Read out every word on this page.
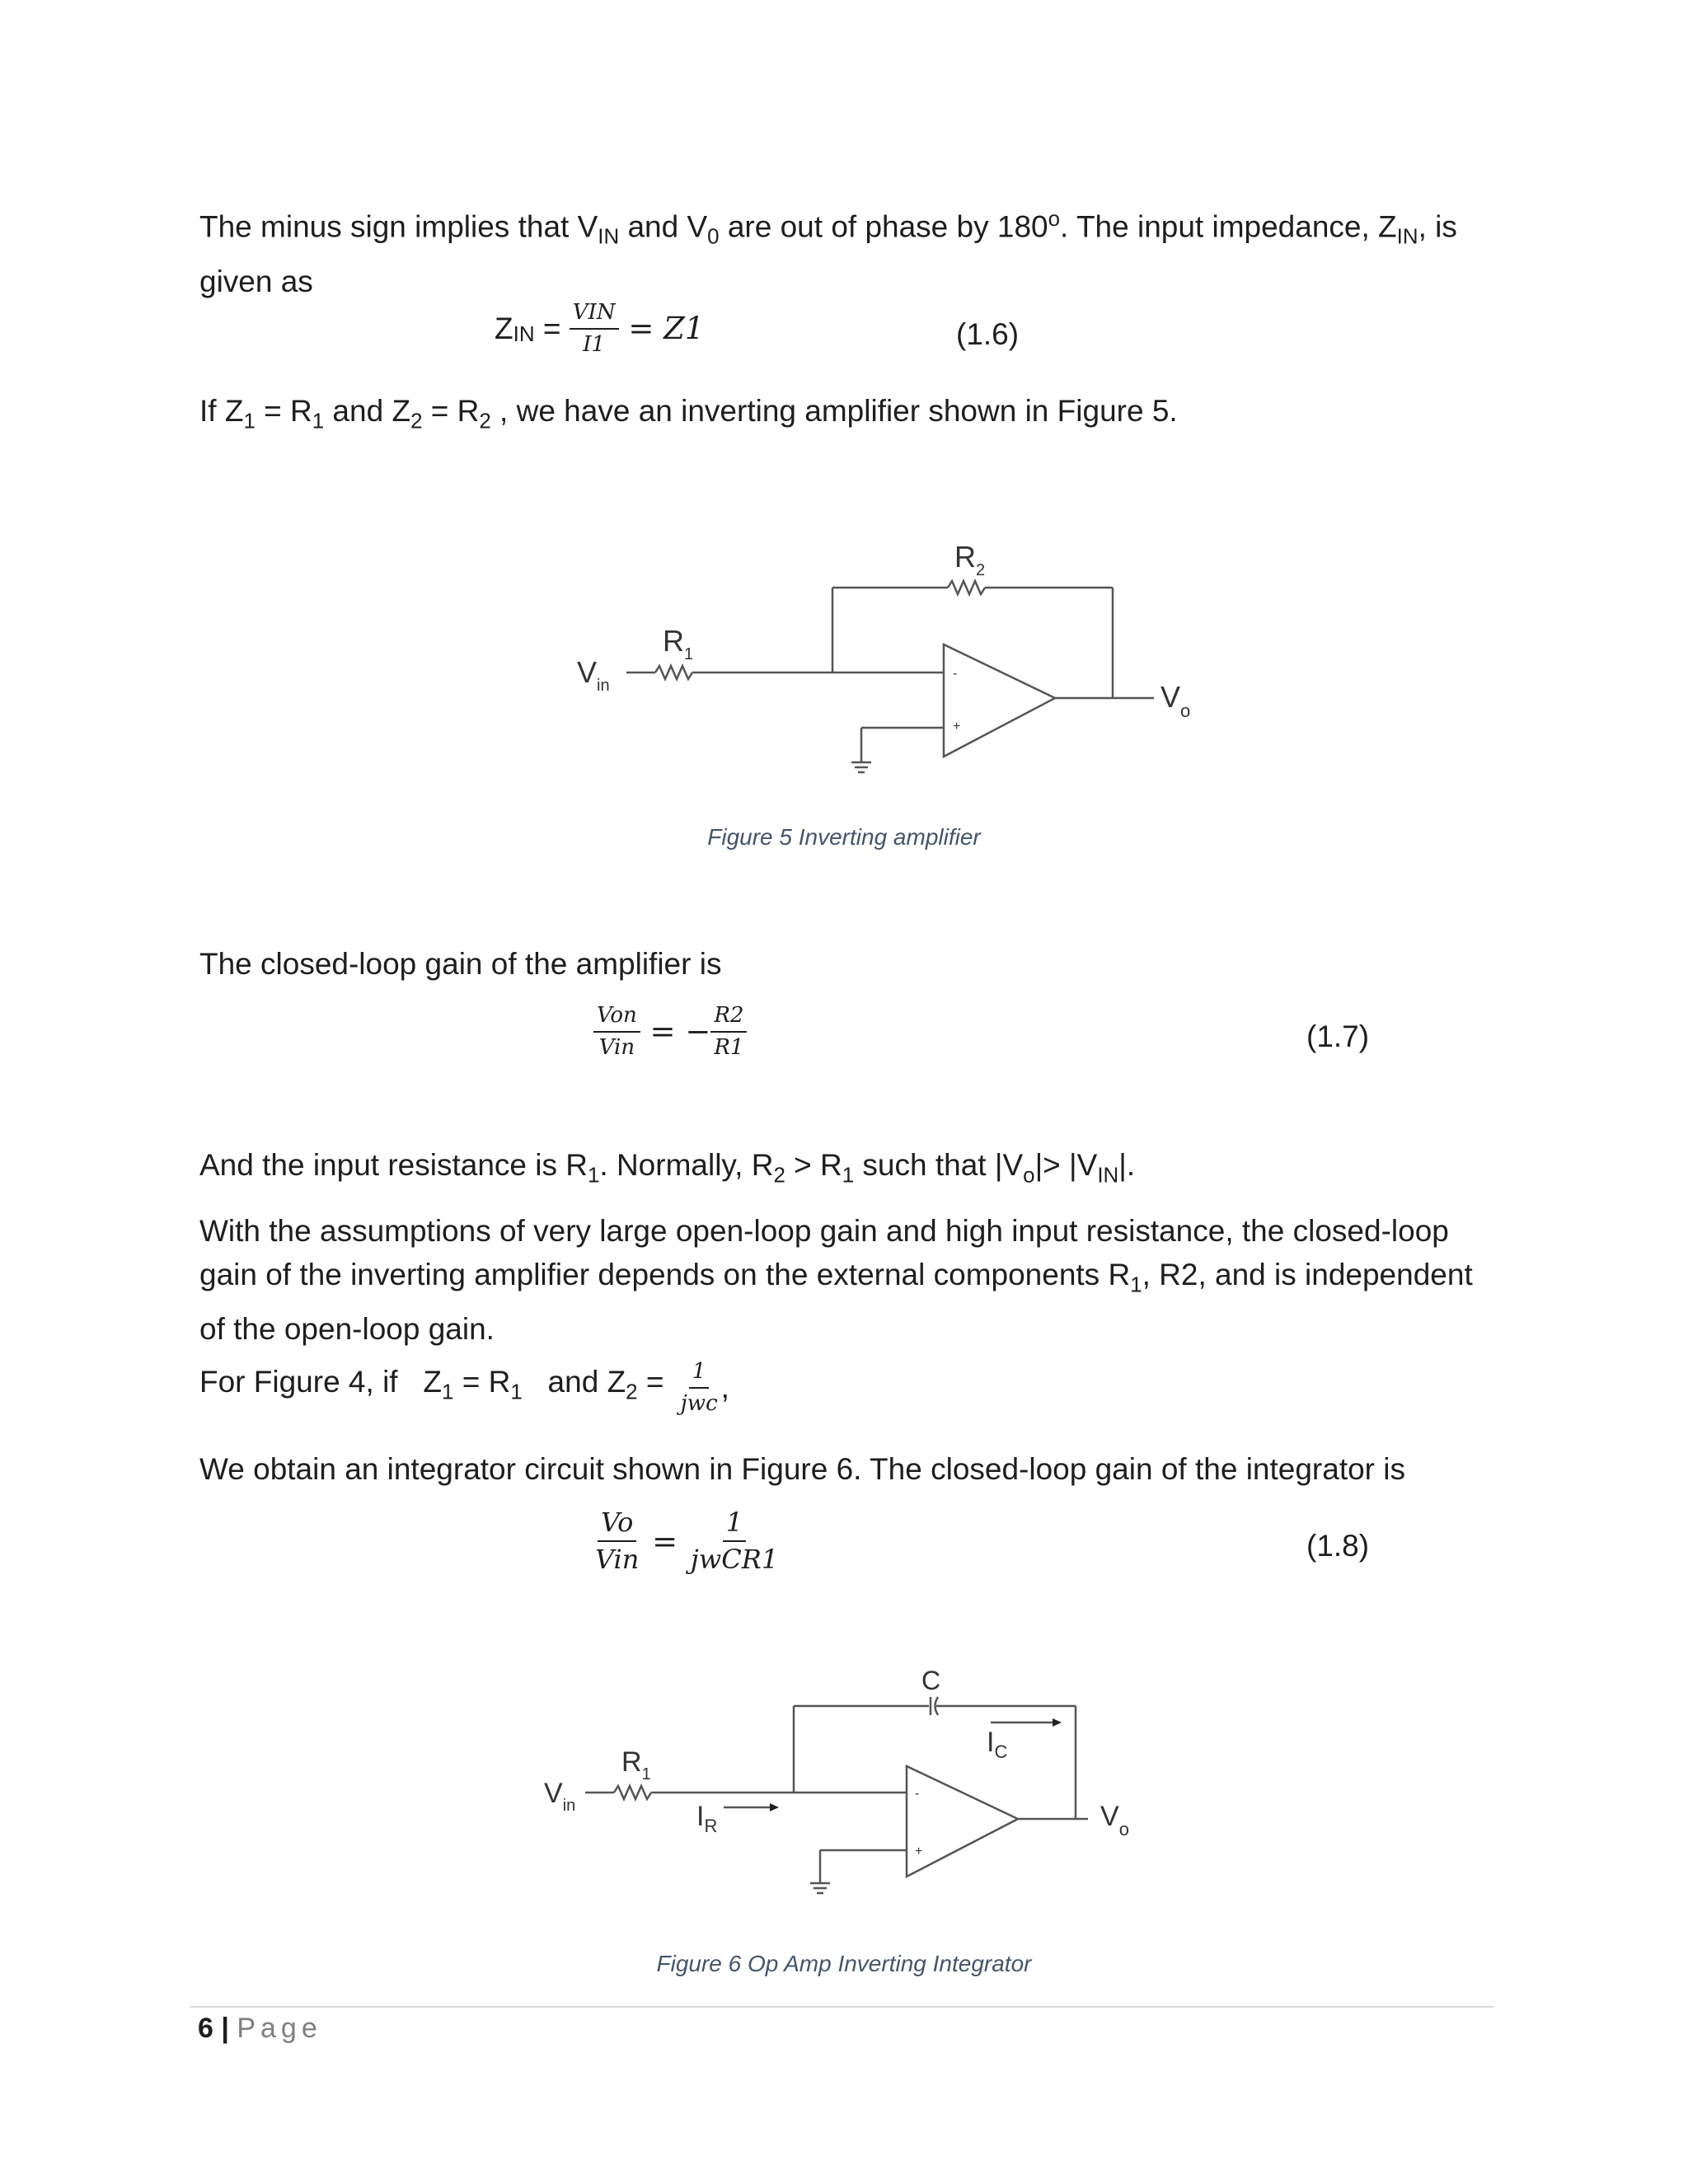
The minus sign implies that $V_{IN}$ and $V_0$ are out of phase by 180$^o$. The input impedance, $Z_{IN}$, is given as

Z IN = $\frac{\text{VIN}}{I1} = Z1$	(1.6)

If $Z_1 = R_1$ and $Z_2 = R_2$ , we have an inverting amplifier shown in Figure 5.

$V_{in}$
$R_1$
$R_2$
$V_o$
-
+
Figure 5 Inverting amplifier

The closed-loop gain of the amplifier is

$\frac{\text{Von}}{\text{Vin}}$ = − $\frac{R2}{R1}$	(1.7)

And the input resistance is $R_1$. Normally, $R_2 > R_1$ such that $|V_o|> |V_{IN}|$.

With the assumptions of very large open-loop gain and high input resistance, the closed-loop gain of the inverting amplifier depends on the external components $R_1$, R2, and is independent of the open-loop gain.

For Figure 4, if   $Z_1 = R_1$   and $Z_2 = \frac{1}{\text{jwc}}$ ,

We obtain an integrator circuit shown in Figure 6. The closed-loop gain of the integrator is

$\frac{Vo}{\text{Vin}} = \frac{1}{\text{jwCR1}}$	(1.8)
$V_{in}$
$R_1$
C
$I_C$
$I_R$	$V_o$
-
+
Figure 6 Op Amp Inverting Integrator
6 | Page
